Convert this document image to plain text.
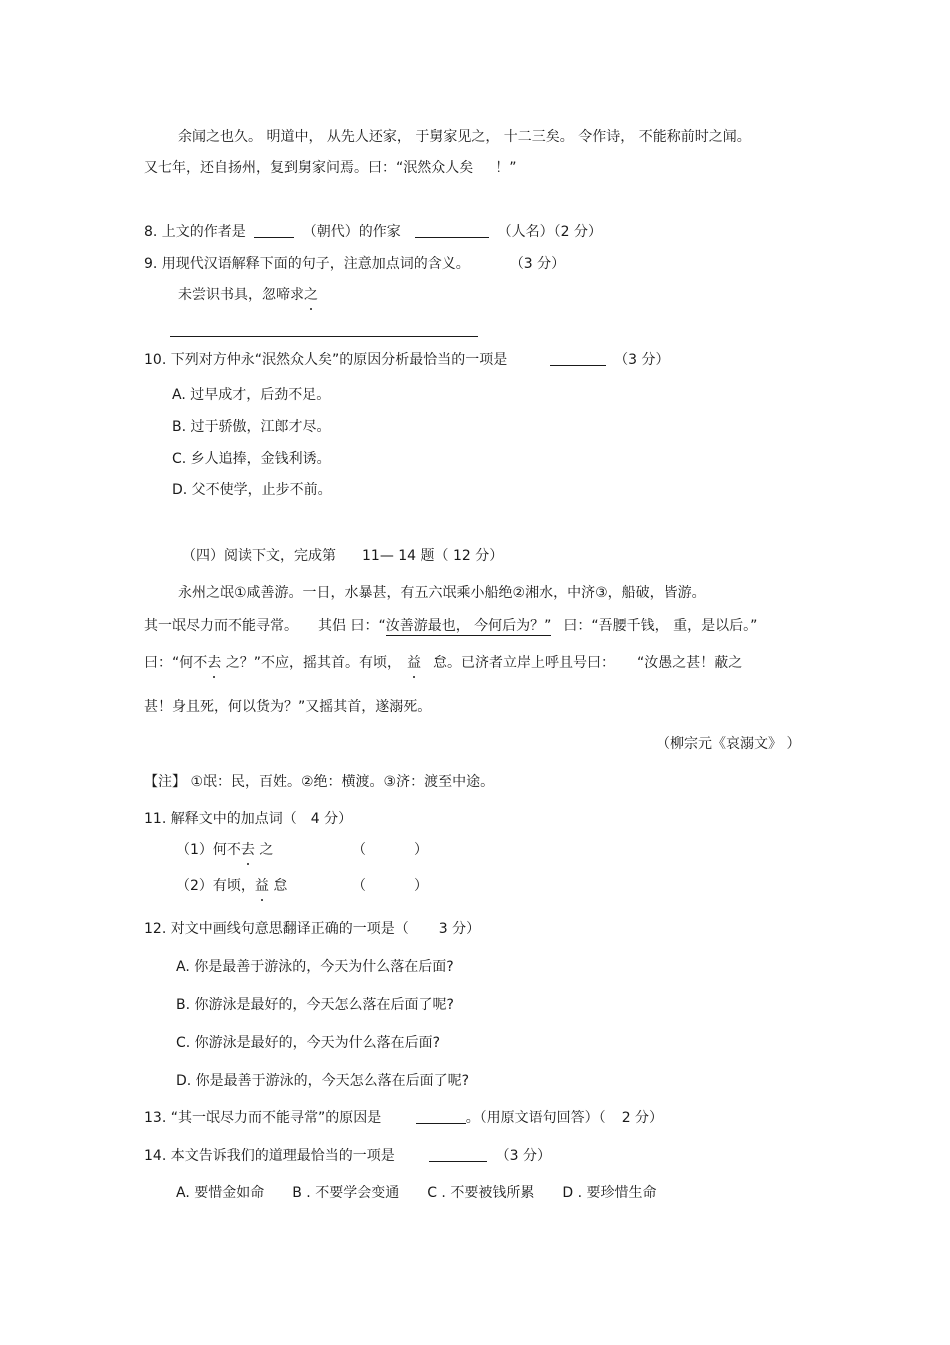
余闻之也久。 明道中， 从先人还家， 于舅家见之， 十二三矣。 令作诗， 不能称前时之闻。
又七年，还自扬州，复到舅家问焉。曰：“泯然众人矣 ！”
8. 上文的作者是	（朝代）的作家	（人名）（2 分）
9. 用现代汉语解释下面的句子，注意加点词的含义。	（3 分）
未尝识书具，忽啼求之
10. 下列对方仲永“泯然众人矣”的原因分析最恰当的一项是	（3 分）
A. 过早成才，后劲不足。
B. 过于骄傲，江郎才尽。
C. 乡人追捧，金钱利诱。
D. 父不使学，止步不前。
（四）阅读下文，完成第 11— 14 题（ 12 分）
永州之氓①咸善游。一日，水暴甚，有五六氓乘小船绝②湘水，中济③，船破，皆游。
其一氓尽力而不能寻常。 其侣 曰：“汝善游最也， 今何后为？” 曰：“吾腰千钱， 重，是以后。”
曰：“何不去 之？”不应，摇其首。有顷， 益 怠。已济者立岸上呼且号曰： “汝愚之甚！蔽之
甚！身且死，何以货为？”又摇其首，遂溺死。
（柳宗元《哀溺文》 ）
【注】 ①氓：民，百姓。②绝：横渡。③济：渡至中途。
11. 解释文中的加点词（ 4 分）
（1）何不去 之	（	）
（2）有顷，益 怠	（	）
12. 对文中画线句意思翻译正确的一项是（ 3 分）
A. 你是最善于游泳的，今天为什么落在后面?
B. 你游泳是最好的，今天怎么落在后面了呢?
C. 你游泳是最好的，今天为什么落在后面?
D. 你是最善于游泳的，今天怎么落在后面了呢?
13. “其一氓尽力而不能寻常”的原因是	。（用原文语句回答）（ 2 分）
14. 本文告诉我们的道理最恰当的一项是	（3 分）
A. 要惜金如命 B . 不要学会变通 C . 不要被钱所累 D . 要珍惜生命
